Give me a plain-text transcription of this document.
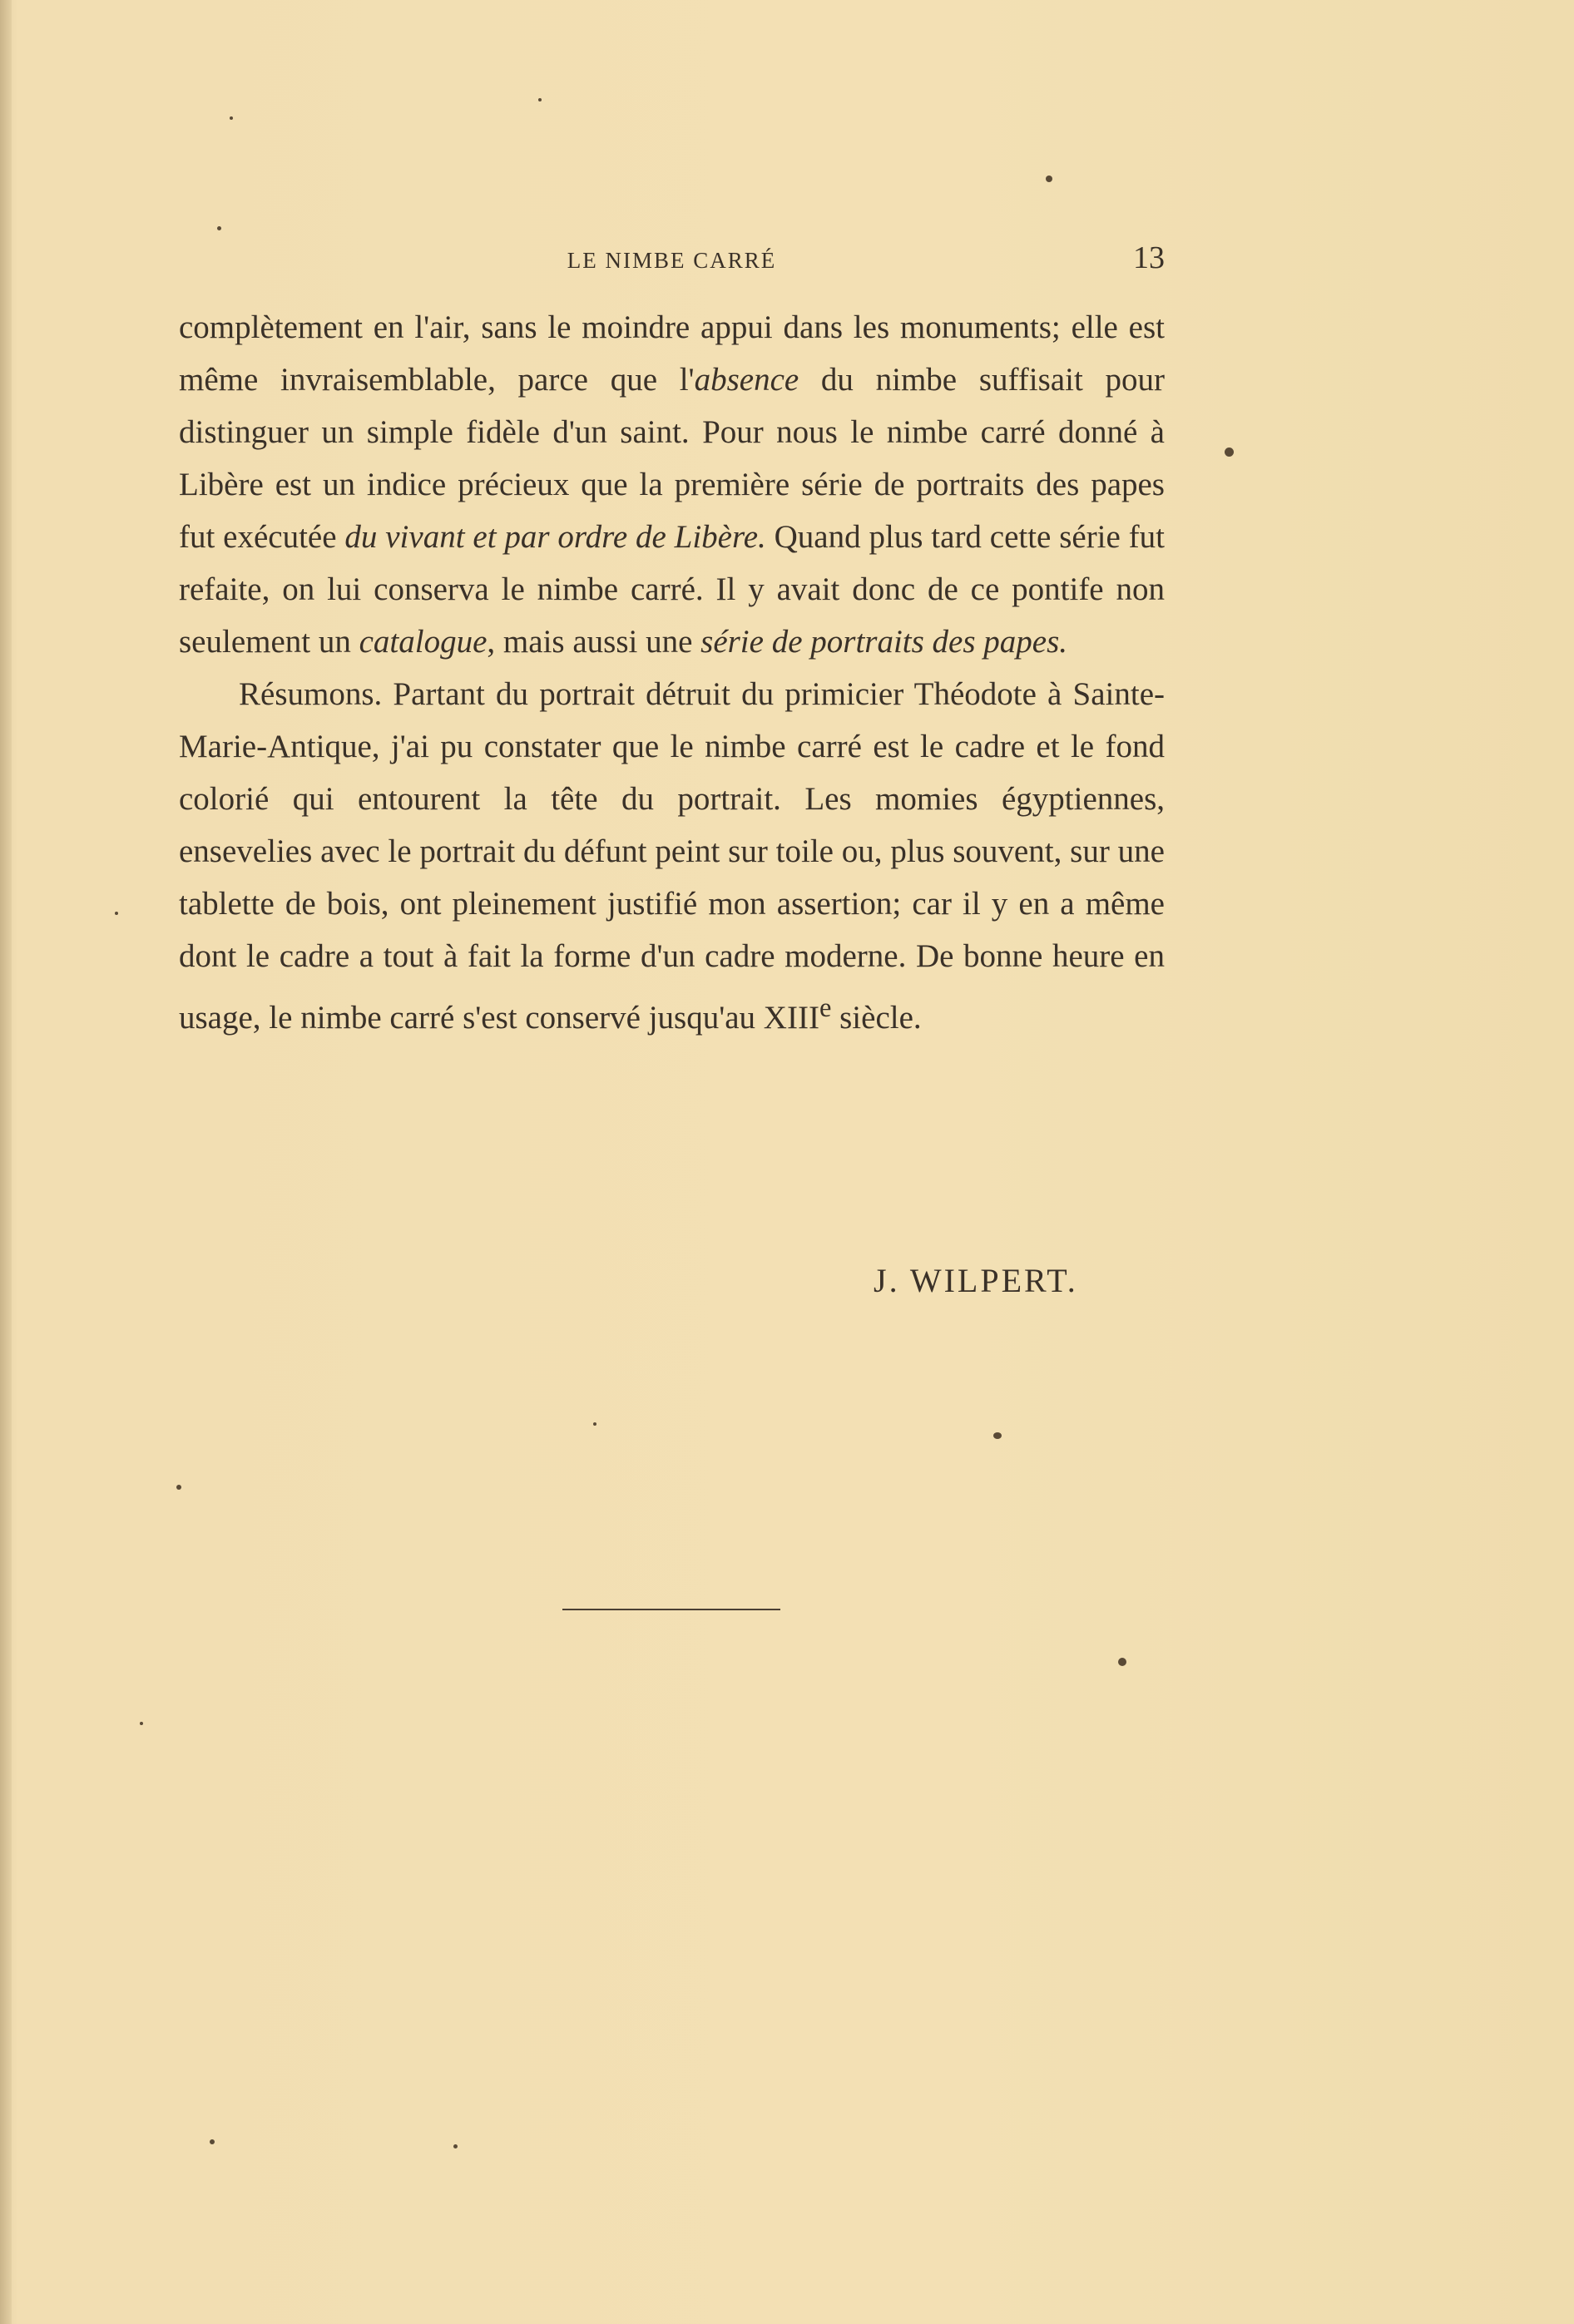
LE NIMBE CARRÉ	13

complètement en l'air, sans le moindre appui dans les monuments; elle est même invraisemblable, parce que l'absence du nimbe suffisait pour distinguer un simple fidèle d'un saint. Pour nous le nimbe carré donné à Libère est un indice précieux que la première série de portraits des papes fut exécutée du vivant et par ordre de Libère. Quand plus tard cette série fut refaite, on lui conserva le nimbe carré. Il y avait donc de ce pontife non seulement un catalogue, mais aussi une série de portraits des papes.

Résumons. Partant du portrait détruit du primicier Théodote à Sainte-Marie-Antique, j'ai pu constater que le nimbe carré est le cadre et le fond colorié qui entourent la tête du portrait. Les momies égyptiennes, ensevelies avec le portrait du défunt peint sur toile ou, plus souvent, sur une tablette de bois, ont pleinement justifié mon assertion; car il y en a même dont le cadre a tout à fait la forme d'un cadre moderne. De bonne heure en usage, le nimbe carré s'est conservé jusqu'au XIIIe siècle.

J. WILPERT.
